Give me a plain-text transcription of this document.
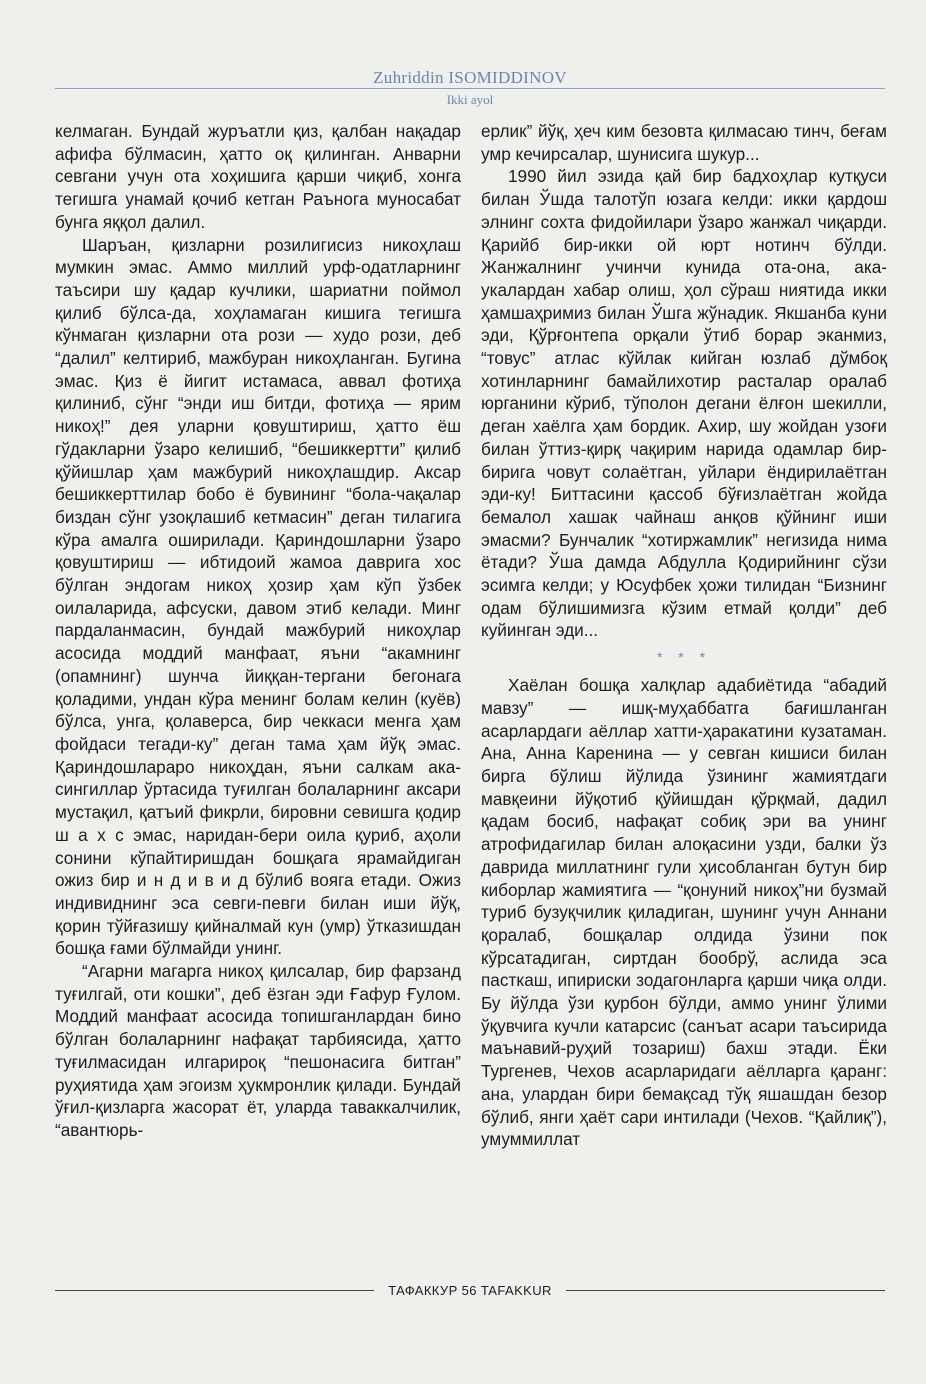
Zuhriddin ISOMIDDINOV
Ikki ayol

келмаган. Бундай журъатли қиз, қалбан нақадар афифа бўлмасин, ҳатто оқ қилинган. Анварни севгани учун ота хоҳишига қарши чиқиб, хонга тегишга унамай қочиб кетган Раъногa муносабат бунга яққол далил.

Шаръан, қизларни розилигисиз никоҳлаш мумкин эмас. Аммо миллий урф-одатларнинг таъсири шу қадар кучлики, шариатни поймол қилиб бўлса-да, хоҳламаган кишига тегишга кўнмаган қизларни ота рози — худо рози, деб “далил” келтириб, мажбуран никоҳланган. Бугина эмас. Қиз ё йигит истамаса, аввал фотиҳа қилиниб, сўнг “энди иш битди, фотиҳа — ярим никоҳ!” дея уларни қовуштириш, ҳатто ёш гўдакларни ўзаро келишиб, “бешиккертти” қилиб қўйишлар ҳам мажбурий никоҳлашдир. Аксар бешиккерттилар бобо ё бувининг “бола-чақалар биздан сўнг узоқлашиб кетмасин” деган тилагига кўра амалга оширилади. Қариндошларни ўзаро қовуштириш — ибтидоий жамоа даврига хос бўлган эндогам никоҳ ҳозир ҳам кўп ўзбек оилаларида, афсуски, давом этиб келади. Минг пардаланмасин, бундай мажбурий никоҳлар асосида моддий манфаат, яъни “акамнинг (опамнинг) шунча йиққан-тергани бегонага қоладими, ундан кўра менинг болам келин (куёв) бўлса, унга, қолаверса, бир чеккаси менга ҳам фойдаси тегади-ку” деган тама ҳам йўқ эмас. Қариндошлараро никоҳдан, яъни салкам ака-сингиллар ўртасида туғилган болаларнинг аксари мустақил, қатъий фикрли, бировни севишга қодир ш а х с эмас, наридан-бери оила қуриб, аҳоли сонини кўпайтиришдан бошқага ярамайдиган ожиз бир и н д и в и д бўлиб вояга етади. Ожиз индивиднинг эса севги-певги билан иши йўқ, қорин тўйғазишу қийналмай кун (умр) ўтказишдан бошқа ғами бўлмайди унинг.

“Агарни магарга никоҳ қилсалар, бир фарзанд туғилгай, оти кошки”, деб ёзган эди Ғафур Ғулом. Моддий манфаат асосида топишганлардан бино бўлган болаларнинг нафақат тарбиясида, ҳатто туғилмасидан илгарироқ “пешонасига битган” руҳиятида ҳам эгоизм ҳукмронлик қилади. Бундай ўғил-қизларга жасорат ёт, уларда таваккалчилик, “авантюрь-

ерлик” йўқ, ҳеч ким безовта қилмасаю тинч, беғам умр кечирсалар, шунисига шукур...

1990 йил эзида қай бир бадхоҳлар кутқуси билан Ўшда талотўп юзага келди: икки қардош элнинг сохта фидойилари ўзаро жанжал чиқарди. Қарийб бир-икки ой юрт нотинч бўлди. Жанжалнинг учинчи кунида ота-она, ака-укалардан хабар олиш, ҳол сўраш ниятида икки ҳамшаҳримиз билан Ўшга жўнадик. Якшанба куни эди, Қўрғонтепа орқали ўтиб борар эканмиз, “товус” атлас кўйлак кийган юзлаб дўмбоқ хотинларнинг бамайлихотир расталар оралаб юрганини кўриб, тўполон дегани ёлғон шекилли, деган хаёлга ҳам бордик. Ахир, шу жойдан узоғи билан ўттиз-қирқ чақирим нарида одамлар бир-бирига човут солаётган, уйлари ёндирилаётган эди-ку! Биттасини қассоб бўғизлаётган жойда бемалол хашак чайнаш анқов қўйнинг иши эмасми? Бунчалик “хотиржамлик” негизида нима ётади? Ўша дамда Абдулла Қодирийнинг сўзи эсимга келди; у Юсуфбек ҳожи тилидан “Бизнинг одам бўлишимизга кўзим етмай қолди” деб куйинган эди...

* * *

Хаёлан бошқа халқлар адабиётида “абадий мавзу” — ишқ-муҳаббатга бағишланган асарлардаги аёллар хатти-ҳаракатини кузатаман. Ана, Анна Каренина — у севган кишиси билан бирга бўлиш йўлида ўзининг жамиятдаги мавқеини йўқотиб қўйишдан қўрқмай, дадил қадам босиб, нафақат собиқ эри ва унинг атрофидагилар билан алоқасини узди, балки ўз даврида миллатнинг гули ҳисобланган бутун бир киборлар жамиятига — “қонуний никоҳ”ни бузмай туриб бузуқчилик қиладиган, шунинг учун Аннани қоралаб, бошқалар олдида ўзини пок кўрсатадиган, сиртдан бообрў, аслида эса пасткаш, ипириски зодагонларга қарши чиқа олди. Бу йўлда ўзи қурбон бўлди, аммо унинг ўлими ўқувчига кучли катарсис (санъат асари таъсирида маънавий-руҳий тозариш) бахш этади. Ёки Тургенев, Чехов асарларидаги аёлларга қаранг: ана, улардан бири бемақсад тўқ яшашдан безор бўлиб, янги ҳаёт сари интилади (Чехов. “Қайлиқ”), умуммиллат

ТАФАККУР 56 TAFAKKUR
